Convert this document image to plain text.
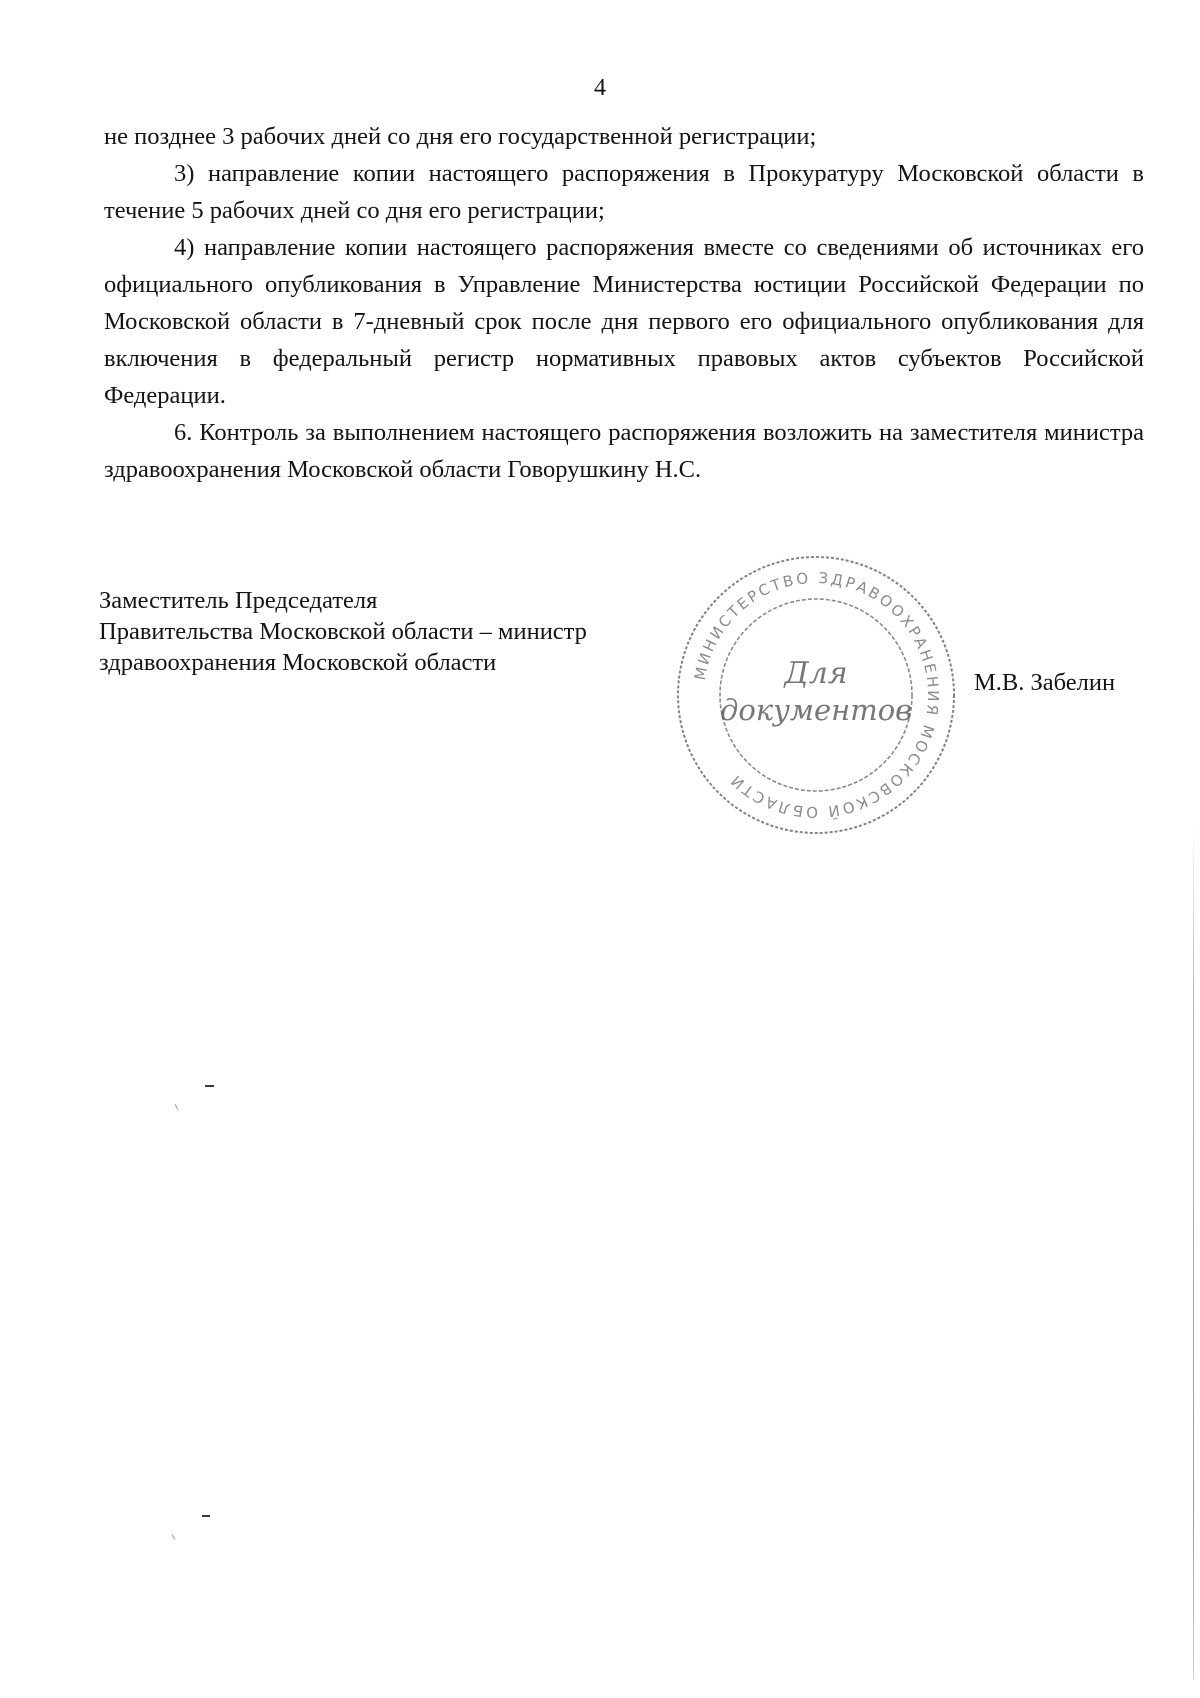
4

не позднее 3 рабочих дней со дня его государственной регистрации;

3) направление копии настоящего распоряжения в Прокуратуру Московской области в течение 5 рабочих дней со дня его регистрации;

4) направление копии настоящего распоряжения вместе со сведениями об источниках его официального опубликования в Управление Министерства юстиции Российской Федерации по Московской области в 7-дневный срок после дня первого его официального опубликования для включения в федеральный регистр нормативных правовых актов субъектов Российской Федерации.

6. Контроль за выполнением настоящего распоряжения возложить на заместителя министра здравоохранения Московской области Говорушкину Н.С.

Заместитель Председателя
Правительства Московской области – министр
здравоохранения Московской области
М.В. Забелин
МИНИСТЕРСТВО ЗДРАВООХРАНЕНИЯ МОСКОВСКОЙ ОБЛАСТИ
Для
документов
